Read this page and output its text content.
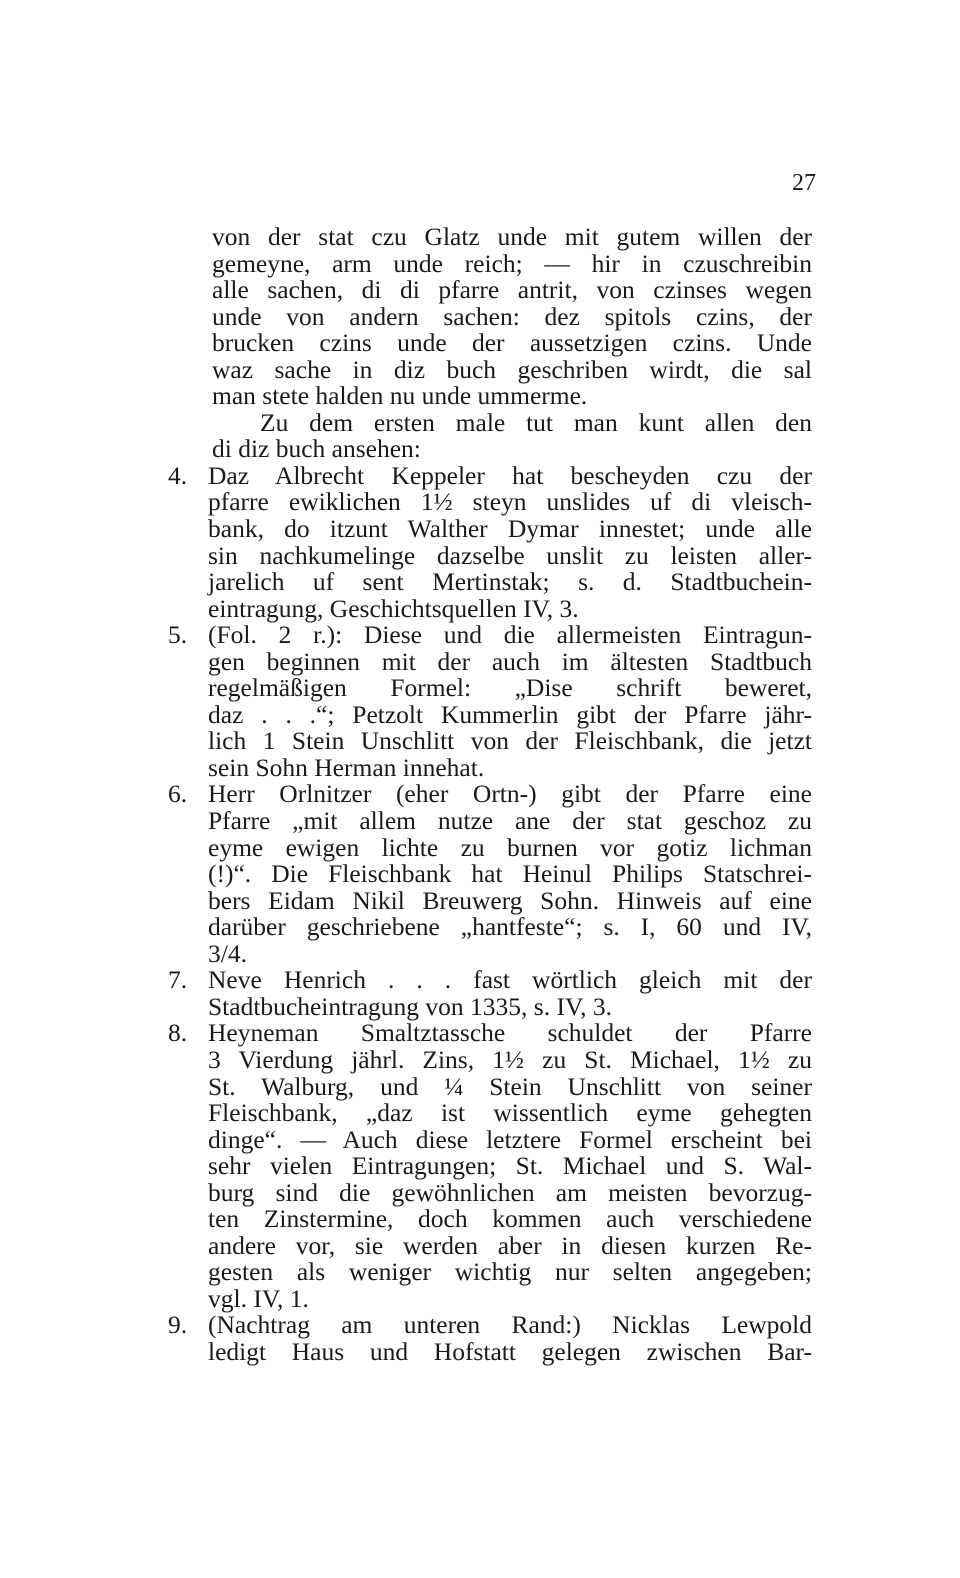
27
von der stat czu Glatz unde mit gutem willen der
gemeyne, arm unde reich; — hir in czuschreibin
alle sachen, di di pfarre antrit, von czinses wegen
unde von andern sachen: dez spitols czins, der
brucken czins unde der aussetzigen czins. Unde
waz sache in diz buch geschriben wirdt, die sal
man stete halden nu unde ummerme.
Zu dem ersten male tut man kunt allen den
di diz buch ansehen:
4. Daz Albrecht Keppeler hat bescheyden czu der
pfarre ewiklichen 1½ steyn unslides uf di vleisch-
bank, do itzunt Walther Dymar innestet; unde alle
sin nachkumelinge dazselbe unslit zu leisten aller-
jarelich uf sent Mertinstak; s. d. Stadtbuchein-
eintragung, Geschichtsquellen IV, 3.
5. (Fol. 2 r.): Diese und die allermeisten Eintragun-
gen beginnen mit der auch im ältesten Stadtbuch
regelmäßigen Formel: „Dise schrift beweret,
daz . . .“; Petzolt Kummerlin gibt der Pfarre jähr-
lich 1 Stein Unschlitt von der Fleischbank, die jetzt
sein Sohn Herman innehat.
6. Herr Orlnitzer (eher Ortn-) gibt der Pfarre eine
Pfarre „mit allem nutze ane der stat geschoz zu
eyme ewigen lichte zu burnen vor gotiz lichman
(!)“. Die Fleischbank hat Heinul Philips Statschrei-
bers Eidam Nikil Breuwerg Sohn. Hinweis auf eine
darüber geschriebene „hantfeste“; s. I, 60 und IV,
3/4.
7. Neve Henrich . . . fast wörtlich gleich mit der
Stadtbucheintragung von 1335, s. IV, 3.
8. Heyneman Smaltztassche schuldet der Pfarre
3 Vierdung jährl. Zins, 1½ zu St. Michael, 1½ zu
St. Walburg, und ¼ Stein Unschlitt von seiner
Fleischbank, „daz ist wissentlich eyme gehegten
dinge“. — Auch diese letztere Formel erscheint bei
sehr vielen Eintragungen; St. Michael und S. Wal-
burg sind die gewöhnlichen am meisten bevorzug-
ten Zinstermine, doch kommen auch verschiedene
andere vor, sie werden aber in diesen kurzen Re-
gesten als weniger wichtig nur selten angegeben;
vgl. IV, 1.
9. (Nachtrag am unteren Rand:) Nicklas Lewpold
ledigt Haus und Hofstatt gelegen zwischen Bar-
